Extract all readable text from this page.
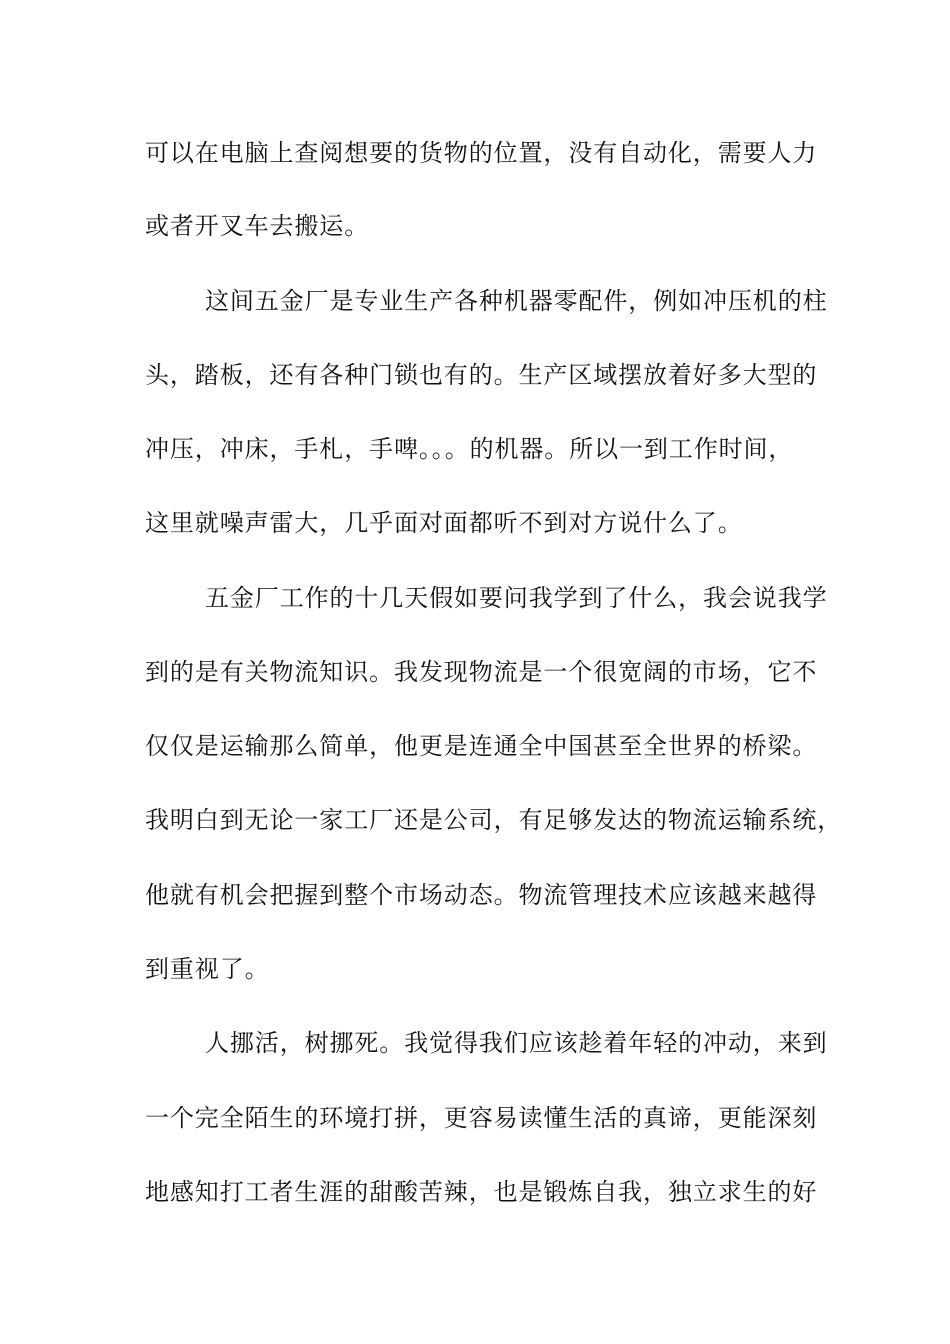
可以在电脑上查阅想要的货物的位置，没有自动化，需要人力
或者开叉车去搬运。
这间五金厂是专业生产各种机器零配件，例如冲压机的柱
头，踏板，还有各种门锁也有的。生产区域摆放着好多大型的
冲压，冲床，手札，手啤。。。的机器。所以一到工作时间，
这里就噪声雷大，几乎面对面都听不到对方说什么了。
五金厂工作的十几天假如要问我学到了什么，我会说我学
到的是有关物流知识。我发现物流是一个很宽阔的市场，它不
仅仅是运输那么简单，他更是连通全中国甚至全世界的桥梁。
我明白到无论一家工厂还是公司，有足够发达的物流运输系统，
他就有机会把握到整个市场动态。物流管理技术应该越来越得
到重视了。
人挪活，树挪死。我觉得我们应该趁着年轻的冲动，来到
一个完全陌生的环境打拼，更容易读懂生活的真谛，更能深刻
地感知打工者生涯的甜酸苦辣，也是锻炼自我，独立求生的好
